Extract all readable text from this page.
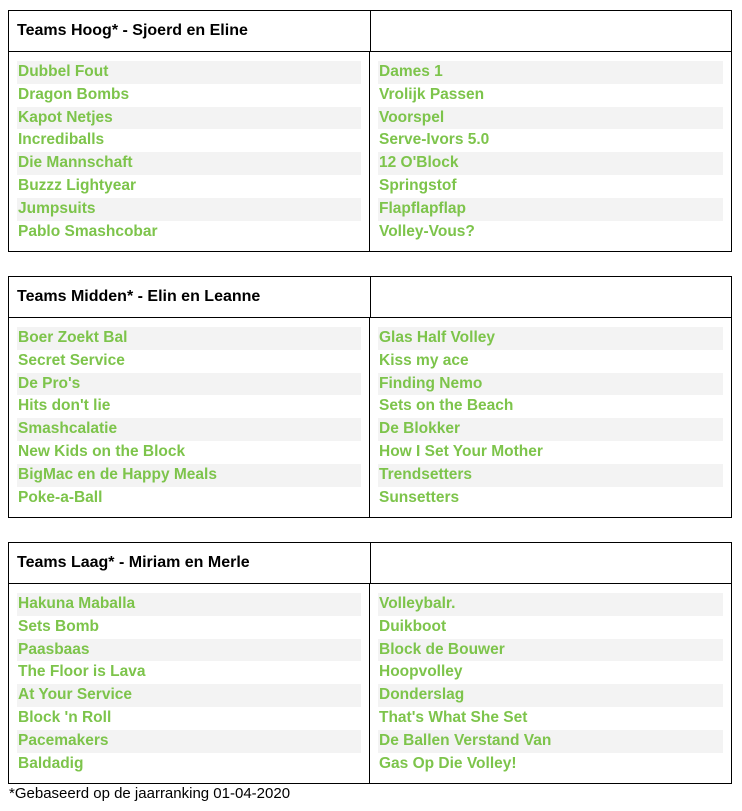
Teams Hoog* - Sjoerd en Eline
Dubbel Fout
Dragon Bombs
Kapot Netjes
Incrediballs
Die Mannschaft
Buzzz Lightyear
Jumpsuits
Pablo Smashcobar
Dames 1
Vrolijk Passen
Voorspel
Serve-Ivors 5.0
12 O'Block
Springstof
Flapflapflap
Volley-Vous?
Teams Midden* - Elin en Leanne
Boer Zoekt Bal
Secret Service
De Pro's
Hits don't lie
Smashcalatie
New Kids on the Block
BigMac en de Happy Meals
Poke-a-Ball
Glas Half Volley
Kiss my ace
Finding Nemo
Sets on the Beach
De Blokker
How I Set Your Mother
Trendsetters
Sunsetters
Teams Laag* - Miriam en Merle
Hakuna Maballa
Sets Bomb
Paasbaas
The Floor is Lava
At Your Service
Block 'n Roll
Pacemakers
Baldadig
Volleybalr.
Duikboot
Block de Bouwer
Hoopvolley
Donderslag
That's What She Set
De Ballen Verstand Van
Gas Op Die Volley!
*Gebaseerd op de jaarranking 01-04-2020
